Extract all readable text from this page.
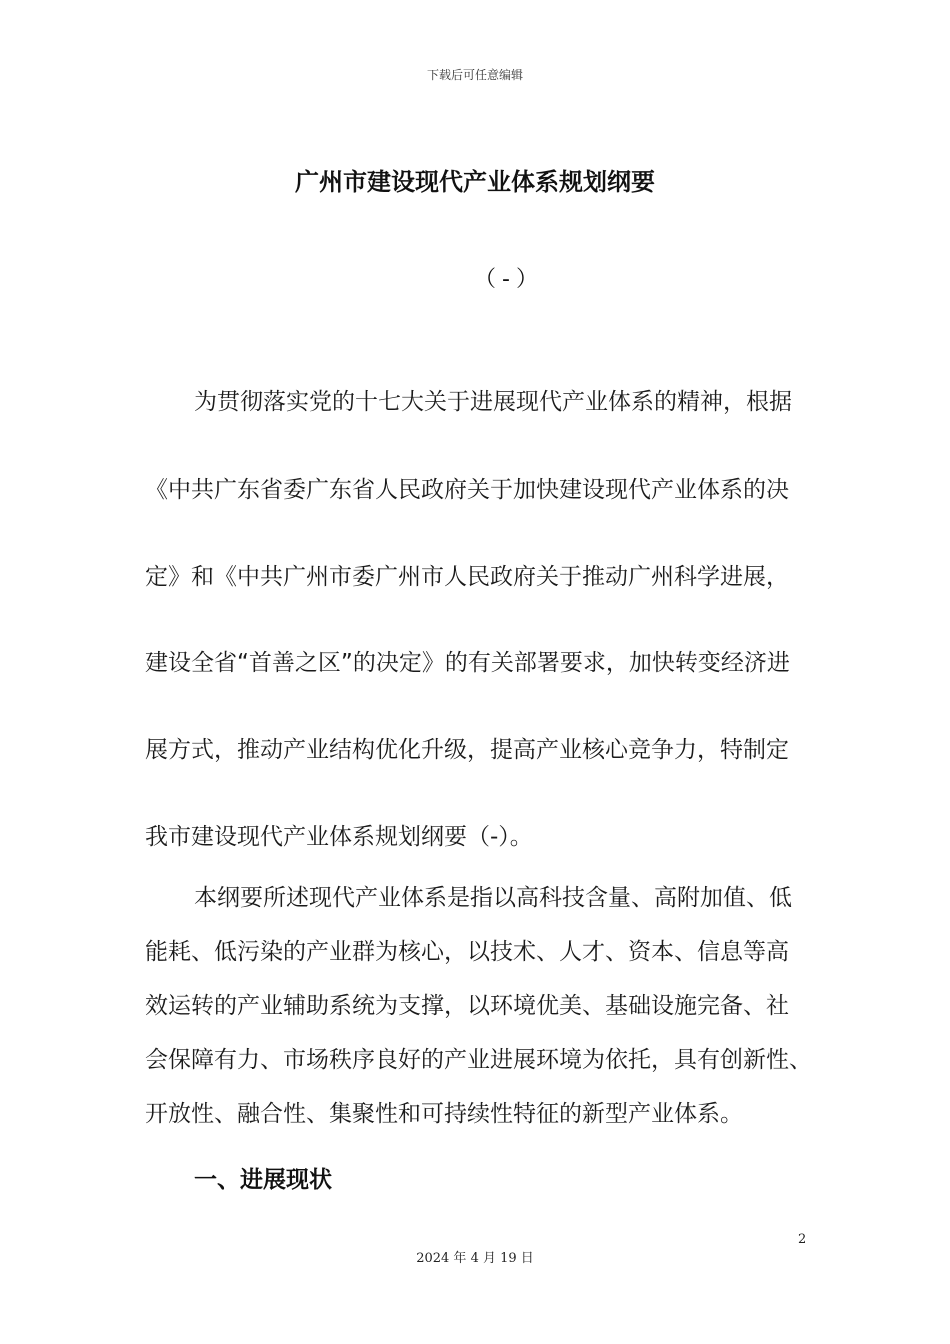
下载后可任意编辑
广州市建设现代产业体系规划纲要
（-）
为贯彻落实党的十七大关于进展现代产业体系的精神，根据
《中共广东省委广东省人民政府关于加快建设现代产业体系的决
定》和《中共广州市委广州市人民政府关于推动广州科学进展，
建设全省“首善之区”的决定》的有关部署要求，加快转变经济进
展方式，推动产业结构优化升级，提高产业核心竞争力，特制定
我市建设现代产业体系规划纲要（-）。
本纲要所述现代产业体系是指以高科技含量、高附加值、低
能耗、低污染的产业群为核心，以技术、人才、资本、信息等高
效运转的产业辅助系统为支撑，以环境优美、基础设施完备、社
会保障有力、市场秩序良好的产业进展环境为依托，具有创新性、
开放性、融合性、集聚性和可持续性特征的新型产业体系。
一、进展现状
2
2024 年 4 月 19 日
